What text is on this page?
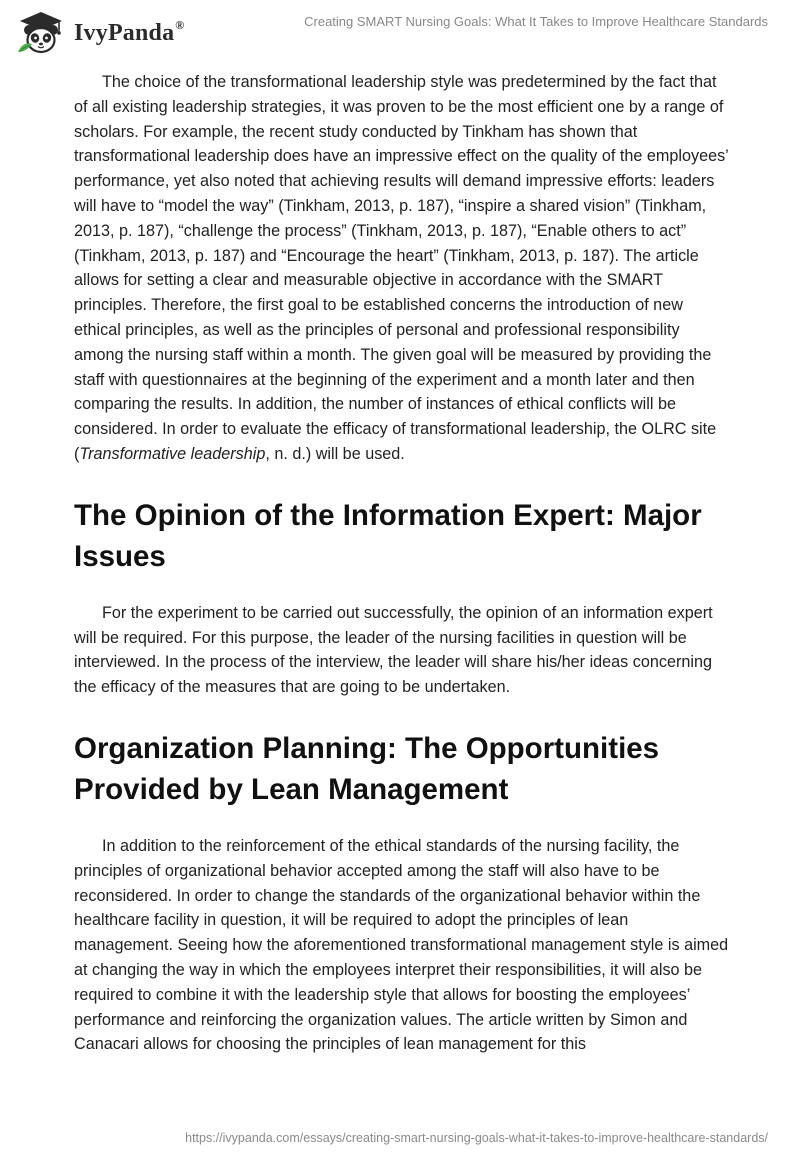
IvyPanda®	Creating SMART Nursing Goals: What It Takes to Improve Healthcare Standards

The choice of the transformational leadership style was predetermined by the fact that of all existing leadership strategies, it was proven to be the most efficient one by a range of scholars. For example, the recent study conducted by Tinkham has shown that transformational leadership does have an impressive effect on the quality of the employees’ performance, yet also noted that achieving results will demand impressive efforts: leaders will have to “model the way” (Tinkham, 2013, p. 187), “inspire a shared vision” (Tinkham, 2013, p. 187), “challenge the process” (Tinkham, 2013, p. 187), “Enable others to act” (Tinkham, 2013, p. 187) and “Encourage the heart” (Tinkham, 2013, p. 187). The article allows for setting a clear and measurable objective in accordance with the SMART principles. Therefore, the first goal to be established concerns the introduction of new ethical principles, as well as the principles of personal and professional responsibility among the nursing staff within a month. The given goal will be measured by providing the staff with questionnaires at the beginning of the experiment and a month later and then comparing the results. In addition, the number of instances of ethical conflicts will be considered. In order to evaluate the efficacy of transformational leadership, the OLRC site (Transformative leadership, n. d.) will be used.

The Opinion of the Information Expert: Major Issues

For the experiment to be carried out successfully, the opinion of an information expert will be required. For this purpose, the leader of the nursing facilities in question will be interviewed. In the process of the interview, the leader will share his/her ideas concerning the efficacy of the measures that are going to be undertaken.

Organization Planning: The Opportunities Provided by Lean Management

In addition to the reinforcement of the ethical standards of the nursing facility, the principles of organizational behavior accepted among the staff will also have to be reconsidered. In order to change the standards of the organizational behavior within the healthcare facility in question, it will be required to adopt the principles of lean management. Seeing how the aforementioned transformational management style is aimed at changing the way in which the employees interpret their responsibilities, it will also be required to combine it with the leadership style that allows for boosting the employees’ performance and reinforcing the organization values. The article written by Simon and Canacari allows for choosing the principles of lean management for this

https://ivypanda.com/essays/creating-smart-nursing-goals-what-it-takes-to-improve-healthcare-standards/
